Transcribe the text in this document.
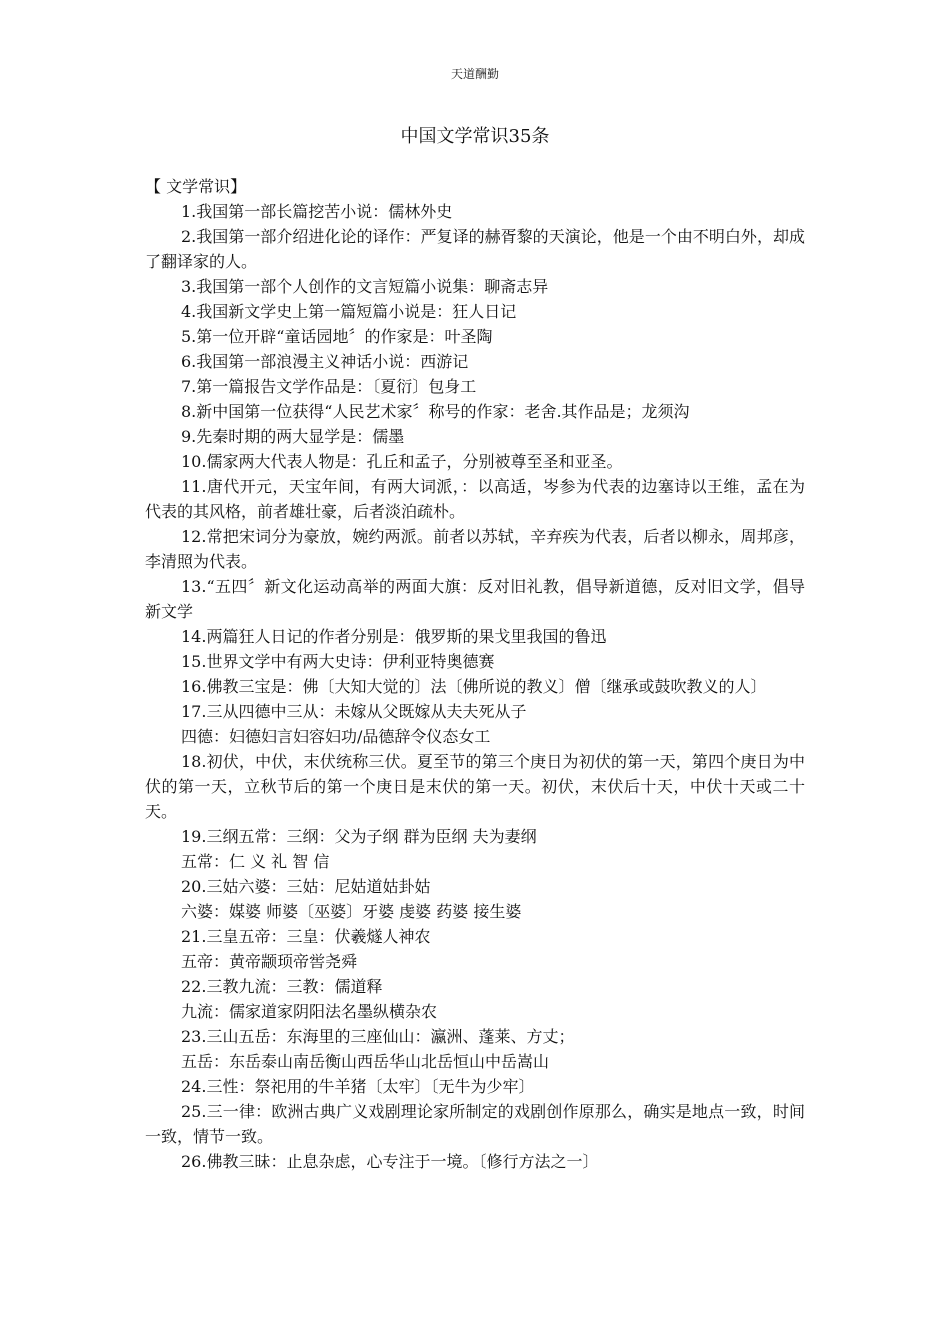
天道酬勤
中国文学常识35条

【 文学常识】

1.我国第一部长篇挖苦小说：儒林外史

2.我国第一部介绍进化论的译作：严复译的赫胥黎的天演论，他是一个由不明白外，却成了翻译家的人。

3.我国第一部个人创作的文言短篇小说集：聊斋志异

4.我国新文学史上第一篇短篇小说是：狂人日记

5.第一位开辟“童话园地〞的作家是：叶圣陶

6.我国第一部浪漫主义神话小说：西游记

7.第一篇报告文学作品是：〔夏衍〕包身工

8.新中国第一位获得“人民艺术家〞称号的作家：老舍.其作品是；龙须沟

9.先秦时期的两大显学是：儒墨

10.儒家两大代表人物是：孔丘和孟子，分别被尊至圣和亚圣。

11.唐代开元，天宝年间，有两大词派，：以高适，岑参为代表的边塞诗以王维，孟在为代表的其风格，前者雄壮豪，后者淡泊疏朴。

12.常把宋词分为豪放，婉约两派。前者以苏轼，辛弃疾为代表，后者以柳永，周邦彦，李清照为代表。

13.“五四〞新文化运动高举的两面大旗：反对旧礼教，倡导新道德，反对旧文学，倡导新文学

14.两篇狂人日记的作者分别是：俄罗斯的果戈里我国的鲁迅

15.世界文学中有两大史诗：伊利亚特奥德赛

16.佛教三宝是：佛〔大知大觉的〕法〔佛所说的教义〕僧〔继承或鼓吹教义的人〕

17.三从四德中三从：未嫁从父既嫁从夫夫死从子

四德：妇德妇言妇容妇功/品德辞令仪态女工

18.初伏，中伏，末伏统称三伏。夏至节的第三个庚日为初伏的第一天，第四个庚日为中伏的第一天，立秋节后的第一个庚日是末伏的第一天。初伏，末伏后十天，中伏十天或二十天。

19.三纲五常：三纲：父为子纲 群为臣纲 夫为妻纲

五常：仁 义 礼 智 信

20.三姑六婆：三姑：尼姑道姑卦姑

六婆：媒婆 师婆〔巫婆〕牙婆 虔婆 药婆 接生婆

21.三皇五帝：三皇：伏羲燧人神农

五帝：黄帝颛顼帝喾尧舜

22.三教九流：三教：儒道释

九流：儒家道家阴阳法名墨纵横杂农

23.三山五岳：东海里的三座仙山：瀛洲、蓬莱、方丈；

五岳：东岳泰山南岳衡山西岳华山北岳恒山中岳嵩山

24.三性：祭祀用的牛羊猪〔太牢〕〔无牛为少牢〕

25.三一律：欧洲古典广义戏剧理论家所制定的戏剧创作原那么，确实是地点一致，时间一致，情节一致。

26.佛教三昧：止息杂虑，心专注于一境。〔修行方法之一〕
